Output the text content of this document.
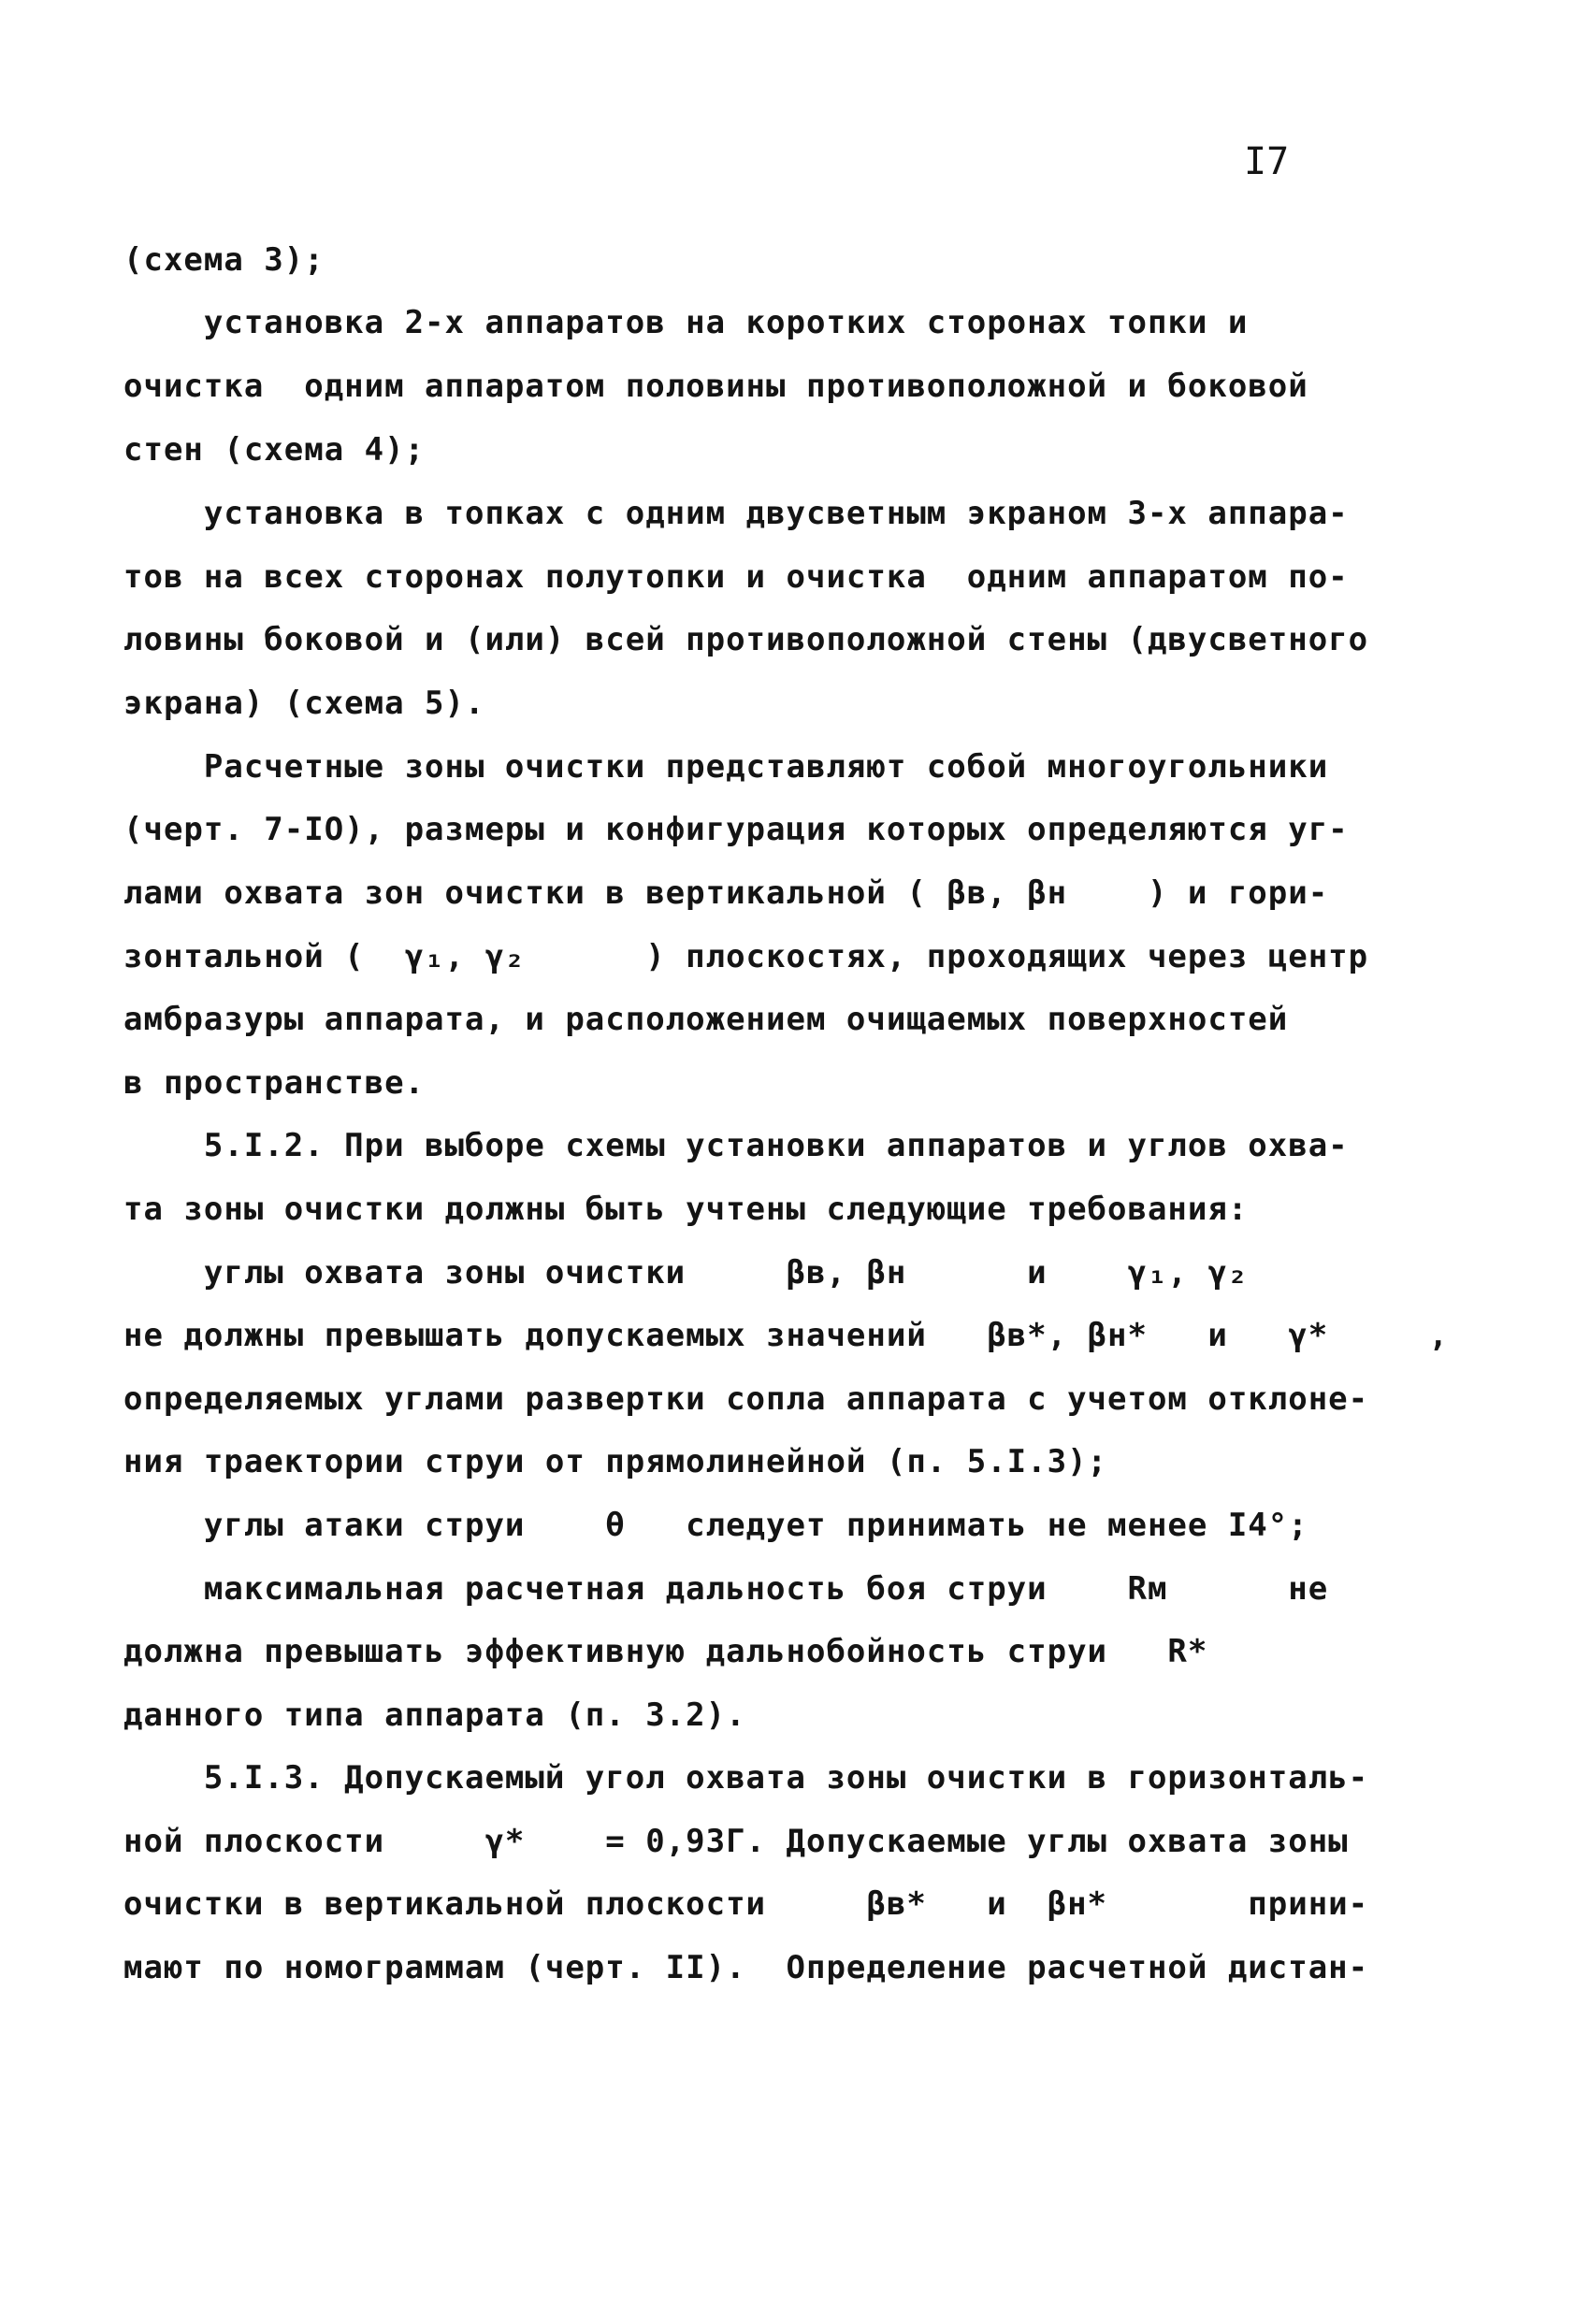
I7
(схема 3);
установка 2-х аппаратов на коротких сторонах топки и
очистка  одним аппаратом половины противоположной и боковой
стен (схема 4);
установка в топках с одним двусветным экраном 3-х аппара-
тов на всех сторонах полутопки и очистка  одним аппаратом по-
ловины боковой и (или) всей противоположной стены (двусветного
экрана) (схема 5).
Расчетные зоны очистки представляют собой многоугольники
(черт. 7-IO), размеры и конфигурация которых определяются уг-
лами охвата зон очистки в вертикальной ( βв, βн    ) и гори-
зонтальной (  γ₁, γ₂      ) плоскостях, проходящих через центр
амбразуры аппарата, и расположением очищаемых поверхностей
в пространстве.
5.I.2. При выборе схемы установки аппаратов и углов охва-
та зоны очистки должны быть учтены следующие требования:
углы охвата зоны очистки     βв, βн      и    γ₁, γ₂
не должны превышать допускаемых значений   βв*, βн*   и   γ*     ,
определяемых углами развертки сопла аппарата с учетом отклоне-
ния траектории струи от прямолинейной (п. 5.I.3);
углы атаки струи    θ   следует принимать не менее I4°;
максимальная расчетная дальность боя струи    Rм      не
должна превышать эффективную дальнобойность струи   R*
данного типа аппарата (п. 3.2).
5.I.3. Допускаемый угол охвата зоны очистки в горизонталь-
ной плоскости     γ*    = 0,93Г. Допускаемые углы охвата зоны
очистки в вертикальной плоскости     βв*   и  βн*       прини-
мают по номограммам (черт. II).  Определение расчетной дистан-
